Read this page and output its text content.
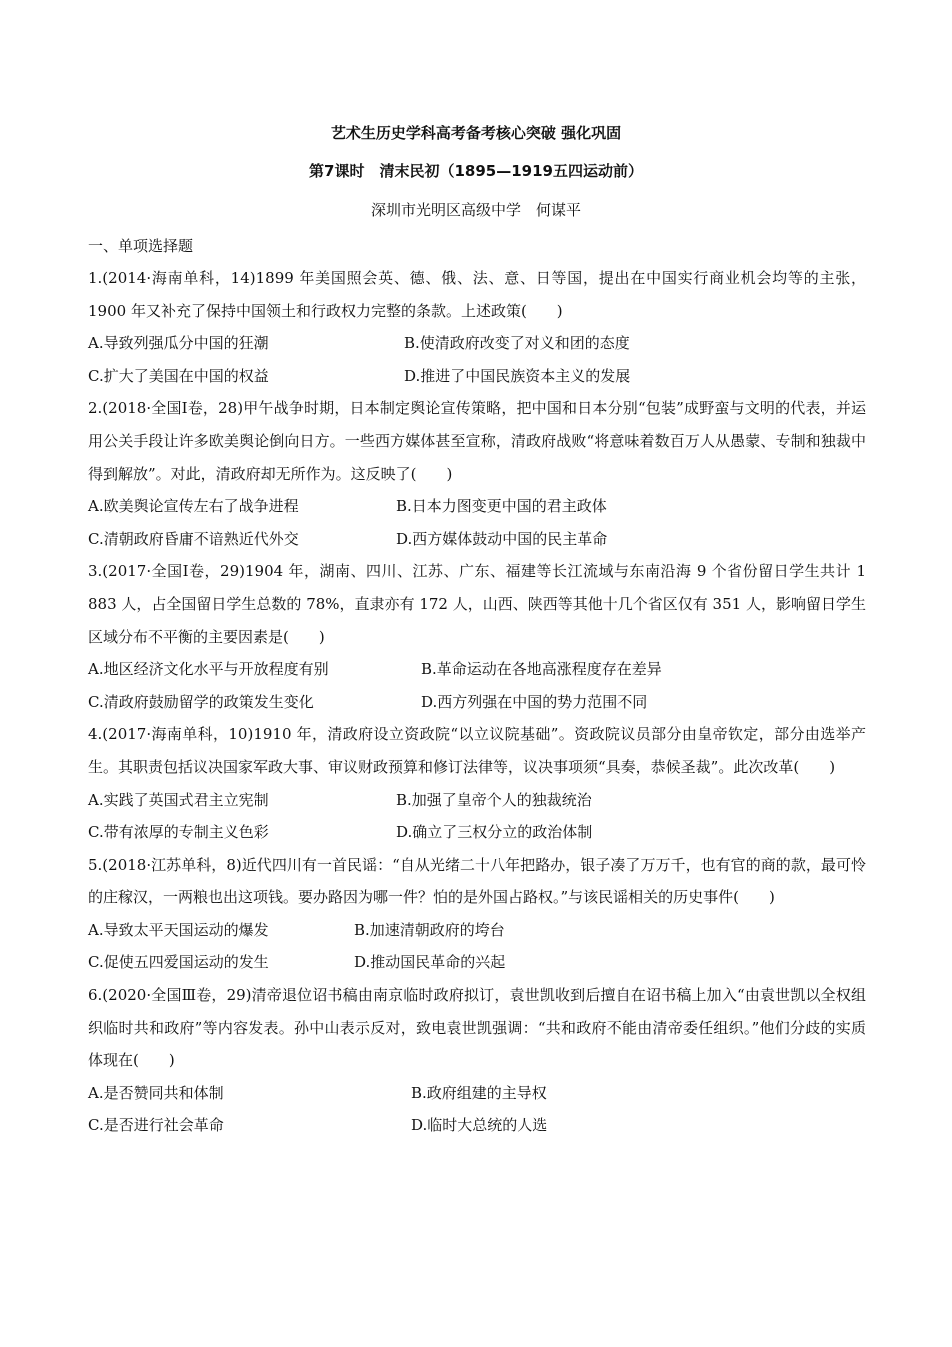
艺术生历史学科高考备考核心突破 强化巩固
第7课时　清末民初（1895—1919五四运动前）
深圳市光明区高级中学　何谋平
一、单项选择题
1.(2014·海南单科，14)1899 年美国照会英、德、俄、法、意、日等国，提出在中国实行商业机会均等的主张，1900 年又补充了保持中国领土和行政权力完整的条款。上述政策(　　)
A.导致列强瓜分中国的狂潮	B.使清政府改变了对义和团的态度
C.扩大了美国在中国的权益	D.推进了中国民族资本主义的发展
2.(2018·全国Ⅰ卷，28)甲午战争时期，日本制定舆论宣传策略，把中国和日本分别“包装”成野蛮与文明的代表，并运用公关手段让许多欧美舆论倒向日方。一些西方媒体甚至宣称，清政府战败“将意味着数百万人从愚蒙、专制和独裁中得到解放”。对此，清政府却无所作为。这反映了(　　)
A.欧美舆论宣传左右了战争进程	B.日本力图变更中国的君主政体
C.清朝政府昏庸不谙熟近代外交	D.西方媒体鼓动中国的民主革命
3.(2017·全国Ⅰ卷，29)1904 年，湖南、四川、江苏、广东、福建等长江流域与东南沿海 9 个省份留日学生共计 1 883 人，占全国留日学生总数的 78%，直隶亦有 172 人，山西、陕西等其他十几个省区仅有 351 人，影响留日学生区域分布不平衡的主要因素是(　　)
A.地区经济文化水平与开放程度有别	B.革命运动在各地高涨程度存在差异
C.清政府鼓励留学的政策发生变化	D.西方列强在中国的势力范围不同
4.(2017·海南单科，10)1910 年，清政府设立资政院“以立议院基础”。资政院议员部分由皇帝钦定，部分由选举产生。其职责包括议决国家军政大事、审议财政预算和修订法律等，议决事项须“具奏，恭候圣裁”。此次改革(　　)
A.实践了英国式君主立宪制	B.加强了皇帝个人的独裁统治
C.带有浓厚的专制主义色彩	D.确立了三权分立的政治体制
5.(2018·江苏单科，8)近代四川有一首民谣：“自从光绪二十八年把路办，银子凑了万万千，也有官的商的款，最可怜的庄稼汉，一两粮也出这项钱。要办路因为哪一件？怕的是外国占路权。”与该民谣相关的历史事件(　　)
A.导致太平天国运动的爆发	B.加速清朝政府的垮台
C.促使五四爱国运动的发生	D.推动国民革命的兴起
6.(2020·全国Ⅲ卷，29)清帝退位诏书稿由南京临时政府拟订，袁世凯收到后擅自在诏书稿上加入“由袁世凯以全权组织临时共和政府”等内容发表。孙中山表示反对，致电袁世凯强调：“共和政府不能由清帝委任组织。”他们分歧的实质体现在(　　)
A.是否赞同共和体制	B.政府组建的主导权
C.是否进行社会革命	D.临时大总统的人选
